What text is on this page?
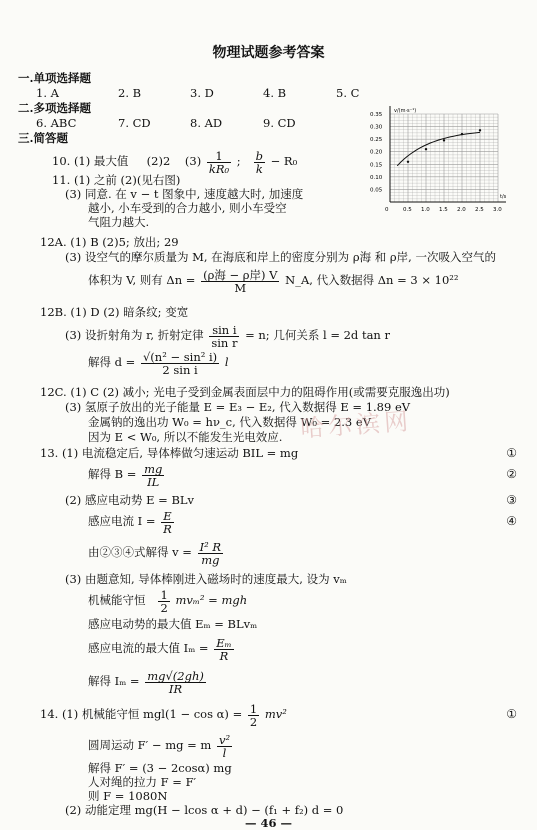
物理试题参考答案
一.单项选择题
1. A	2. B	3. D	4. B	5. C
二.多项选择题
6. ABC	7. CD	8. AD	9. CD
三.简答题
10. (1) 最大值 (2)2 $(3) \frac{1}{\text{kR₀}}$ ; $\frac{b}{k} - R_0$
11. (1) 之前 (2)(见右图)
(3) 同意. 在 v − t 图象中, 速度越大时, 加速度
越小, 小车受到的合力越小, 则小车受空
气阻力越大.
v/(m·s⁻¹)
t/s
0.35
0.30
0.25
0.20
0.15
0.10
0.05
0	0.5 1.0 1.5 2.0 2.5 3.0
12A. (1) B (2)5; 放出; 29
(3) 设空气的摩尔质量为 M, 在海底和岸上的密度分别为 ρ海 和 ρ岸, 一次吸入空气的
体积为 V, 则有 $\Delta n = \frac{\text{(ρ海 − ρ岸) V}}{M}$ N_A, 代入数据得 Δn = 3 × 10²²
12B. (1) D (2) 暗条纹; 变宽
(3) 设折射角为 r, 折射定律 $\frac{\text{sin i}}{\text{sin r}} = n$; 几何关系 l = 2d tan r
解得 $d = \frac{\text{√(n² − sin² i)}}{\text{2 sin i}}$ l
12C. (1) C (2) 减小; 光电子受到金属表面层中力的阻碍作用(或需要克服逸出功)
(3) 氢原子放出的光子能量 E = E₃ − E₂, 代入数据得 E = 1.89 eV
金属钠的逸出功 W₀ = hν_c, 代入数据得 W₀ = 2.3 eV
因为 E < W₀, 所以不能发生光电效应. 哈尔滨网
13. (1) 电流稳定后, 导体棒做匀速运动 BIL = mg	①
解得 $B = \frac{mg}{IL}$	②
(2) 感应电动势 E = BLv	③
感应电流 $I = \frac{E}{R}$	④
由②③④式解得 $v = \frac{\text{I² R}}{mg}$
(3) 由题意知, 导体棒刚进入磁场时的速度最大, 设为 vₘ
机械能守恒 $\frac{1}{2} mv_m^2$ = mgh
感应电动势的最大值 Eₘ = BLvₘ
感应电流的最大值 $I_m = \frac{\text{Eₘ}}{R}$
解得 $I_m = \frac{mg√(2gh)}{IR}$
14. (1) 机械能守恒 $mgl(1 - \cos \alpha) = \frac{1}{2} mv^2$	①
圆周运动 F′ − mg = m $\frac{\text{v²}}{l}$
解得 F′ = (3 − 2cosα) mg
人对绳的拉力 F = F′
则 F = 1080N
(2) 动能定理 mg(H − lcos α + d) − (f₁ + f₂) d = 0
— 46 —
